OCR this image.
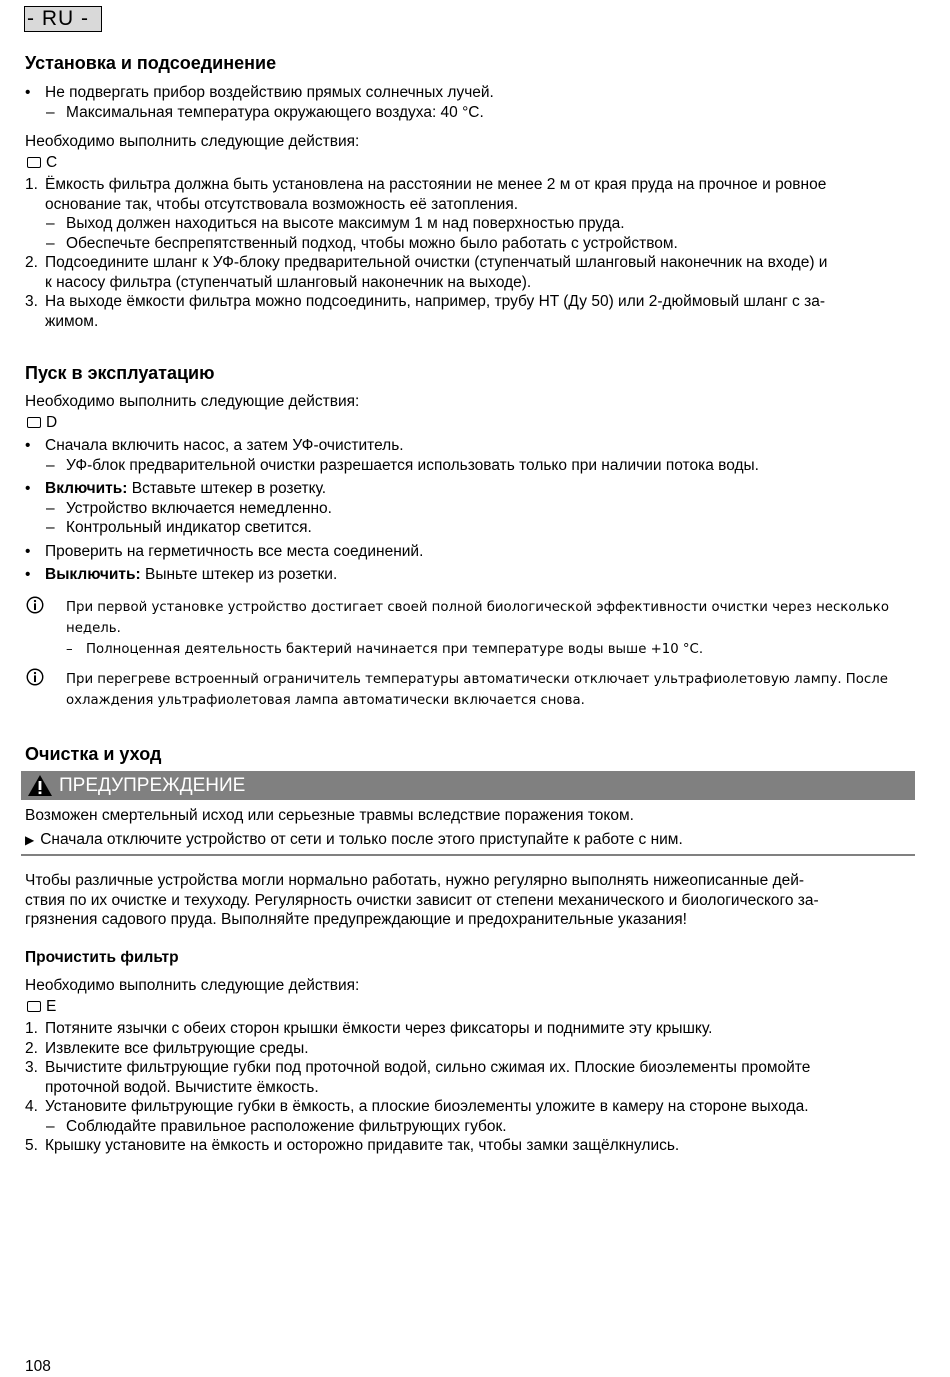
- RU -
Установка и подсоединение
• Не подвергать прибор воздействию прямых солнечных лучей.
– Максимальная температура окружающего воздуха: 40 °C.
Необходимо выполнить следующие действия:
C
1. Ёмкость фильтра должна быть установлена на расстоянии не менее 2 м от края пруда на прочное и ровное
основание так, чтобы отсутствовала возможность её затопления.
– Выход должен находиться на высоте максимум 1 м над поверхностью пруда.
– Обеспечьте беспрепятственный подход, чтобы можно было работать с устройством.
2. Подсоедините шланг к УФ-блоку предварительной очистки (ступенчатый шланговый наконечник на входе) и
к насосу фильтра (ступенчатый шланговый наконечник на выходе).
3. На выходе ёмкости фильтра можно подсоединить, например, трубу HT (Ду 50) или 2-дюймовый шланг с за-
жимом.
Пуск в эксплуатацию
Необходимо выполнить следующие действия:
D
• Сначала включить насос, а затем УФ-очиститель.
– УФ-блок предварительной очистки разрешается использовать только при наличии потока воды.
• Включить: Вставьте штекер в розетку.
– Устройство включается немедленно.
– Контрольный индикатор светится.
• Проверить на герметичность все места соединений.
• Выключить: Выньте штекер из розетки.
При первой установке устройство достигает своей полной биологической эффективности очистки через несколько
недель.
– Полноценная деятельность бактерий начинается при температуре воды выше +10 °C.
При перегреве встроенный ограничитель температуры автоматически отключает ультрафиолетовую лампу. После
охлаждения ультрафиолетовая лампа автоматически включается снова.
Очистка и уход
ПРЕДУПРЕЖДЕНИЕ
Возможен смертельный исход или серьезные травмы вследствие поражения током.
▶ Сначала отключите устройство от сети и только после этого приступайте к работе с ним.
Чтобы различные устройства могли нормально работать, нужно регулярно выполнять нижеописанные дей-
ствия по их очистке и техуходу. Регулярность очистки зависит от степени механического и биологического за-
грязнения садового пруда. Выполняйте предупреждающие и предохранительные указания!
Прочистить фильтр
Необходимо выполнить следующие действия:
E
1. Потяните язычки с обеих сторон крышки ёмкости через фиксаторы и поднимите эту крышку.
2. Извлеките все фильтрующие среды.
3. Вычистите фильтрующие губки под проточной водой, сильно сжимая их. Плоские биоэлементы промойте
проточной водой. Вычистите ёмкость.
4. Установите фильтрующие губки в ёмкость, а плоские биоэлементы уложите в камеру на стороне выхода.
– Соблюдайте правильное расположение фильтрующих губок.
5. Крышку установите на ёмкость и осторожно придавите так, чтобы замки защёлкнулись.
108
